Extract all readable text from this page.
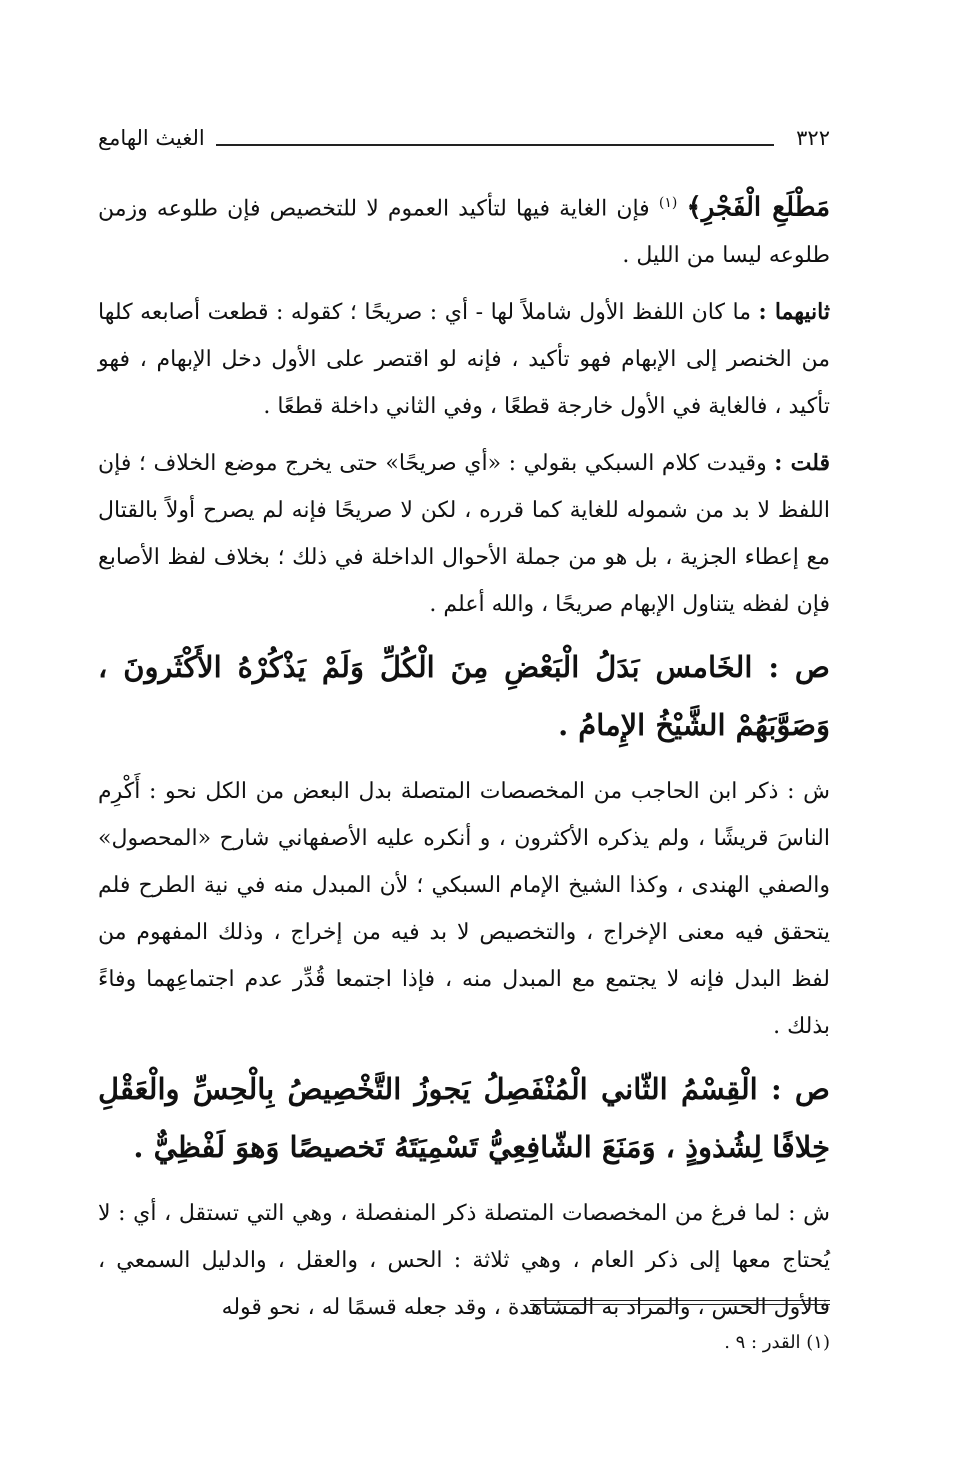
٣٢٢
الغيث الهامع

مَطْلَعِ الْفَجْرِ﴾ $^{(١)}$ فإن الغاية فيها لتأكيد العموم لا للتخصيص فإن طلوعه وزمن طلوعه ليسا من الليل .

ثانيهما : ما كان اللفظ الأول شاملاً لها - أي : صريحًا ؛ كقوله : قطعت أصابعه كلها من الخنصر إلى الإبهام فهو تأكيد ، فإنه لو اقتصر على الأول دخل الإبهام ، فهو تأكيد ، فالغاية في الأول خارجة قطعًا ، وفي الثاني داخلة قطعًا .

قلت : وقيدت كلام السبكي بقولي : «أي صريحًا» حتى يخرج موضع الخلاف ؛ فإن اللفظ لا بد من شموله للغاية كما قرره ، لكن لا صريحًا فإنه لم يصرح أولاً بالقتال مع إعطاء الجزية ، بل هو من جملة الأحوال الداخلة في ذلك ؛ بخلاف لفظ الأصابع فإن لفظه يتناول الإبهام صريحًا ، والله أعلم .

ص : الخَامس بَدَلُ الْبَعْضِ مِنَ الْكُلِّ وَلَمْ يَذْكُرْهُ الأَكْثَرونَ ، وَصَوَّبَهُمْ الشَّيْخُ الإِمامُ .

ش : ذكر ابن الحاجب من المخصصات المتصلة بدل البعض من الكل نحو : أَكْرِم الناسَ قريشًا ، ولم يذكره الأكثرون ، و أنكره عليه الأصفهاني شارح «المحصول» والصفي الهندى ، وكذا الشيخ الإمام السبكي ؛ لأن المبدل منه في نية الطرح فلم يتحقق فيه معنى الإخراج ، والتخصيص لا بد فيه من إخراج ، وذلك المفهوم من لفظ البدل فإنه لا يجتمع مع المبدل منه ، فإذا اجتمعا قُدِّر عدم اجتماعِهما وفاءً بذلك .

ص : الْقِسْمُ الثّاني الْمُنْفَصِلُ يَجوزُ التَّخْصِيصُ بِالْحِسِّ والْعَقْلِ خِلافًا لِشُذوذٍ ، وَمَنَعَ الشّافِعِيُّ تَسْمِيَتَهُ تَخصيصًا وَهوَ لَفْظِيٌّ .

ش : لما فرغ من المخصصات المتصلة ذكر المنفصلة ، وهي التي تستقل ، أي : لا يُحتاج معها إلى ذكر العام ، وهي ثلاثة : الحس ، والعقل ، والدليل السمعي ، فالأول الحس ، والمراد به المشاهدة ، وقد جعله قسمًا له ، نحو قوله

(١) القدر : ٩ .
